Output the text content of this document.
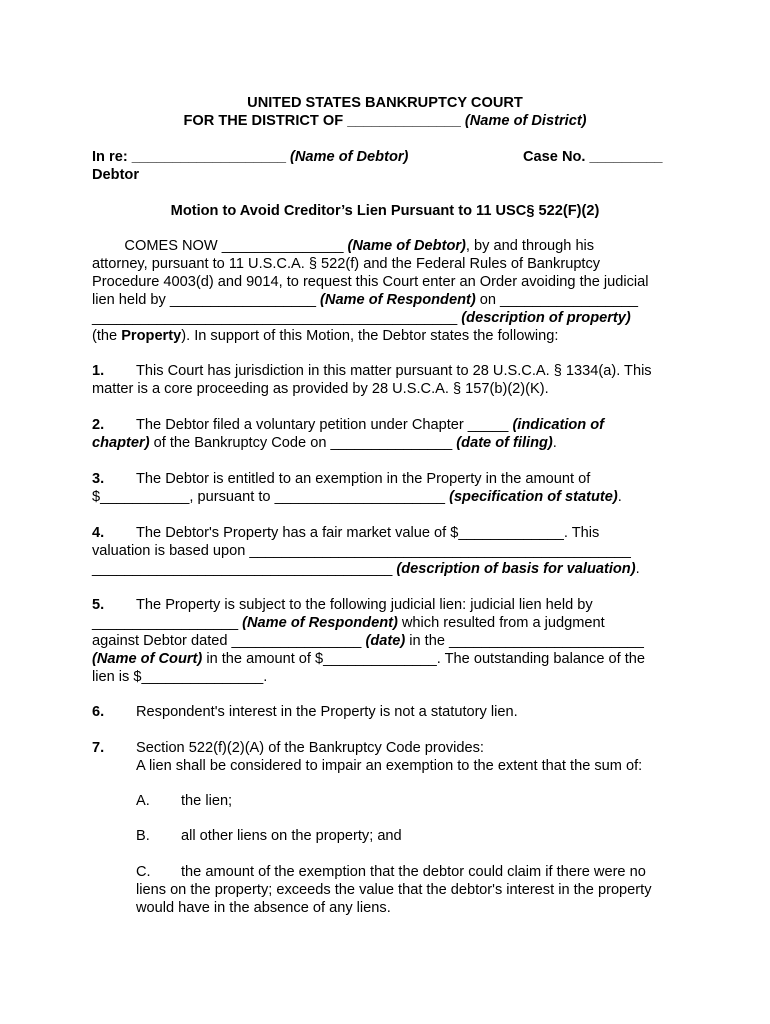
UNITED STATES BANKRUPTCY COURT
FOR THE DISTRICT OF ______________ (Name of District)
In re: ___________________ (Name of Debtor)	Case No. _________
Debtor
Motion to Avoid Creditor’s Lien Pursuant to 11 USC§ 522(F)(2)
COMES NOW _______________ (Name of Debtor), by and through his
attorney, pursuant to 11 U.S.C.A. § 522(f) and the Federal Rules of Bankruptcy
Procedure 4003(d) and 9014, to request this Court enter an Order avoiding the judicial
lien held by __________________ (Name of Respondent) on _________________
_____________________________________________ (description of property)
(the Property). In support of this Motion, the Debtor states the following:
1. This Court has jurisdiction in this matter pursuant to 28 U.S.C.A. § 1334(a). This
matter is a core proceeding as provided by 28 U.S.C.A. § 157(b)(2)(K).
2. The Debtor filed a voluntary petition under Chapter _____ (indication of
chapter) of the Bankruptcy Code on _______________ (date of filing).
3. The Debtor is entitled to an exemption in the Property in the amount of
$___________, pursuant to _____________________ (specification of statute).
4. The Debtor's Property has a fair market value of $_____________. This
valuation is based upon _______________________________________________
_____________________________________ (description of basis for valuation).
5. The Property is subject to the following judicial lien: judicial lien held by
__________________ (Name of Respondent) which resulted from a judgment
against Debtor dated ________________ (date) in the ________________________
(Name of Court) in the amount of $______________. The outstanding balance of the
lien is $_______________.
6. Respondent's interest in the Property is not a statutory lien.
7. Section 522(f)(2)(A) of the Bankruptcy Code provides:
A lien shall be considered to impair an exemption to the extent that the sum of:
A. the lien;
B. all other liens on the property; and
C. the amount of the exemption that the debtor could claim if there were no
liens on the property; exceeds the value that the debtor's interest in the property
would have in the absence of any liens.
